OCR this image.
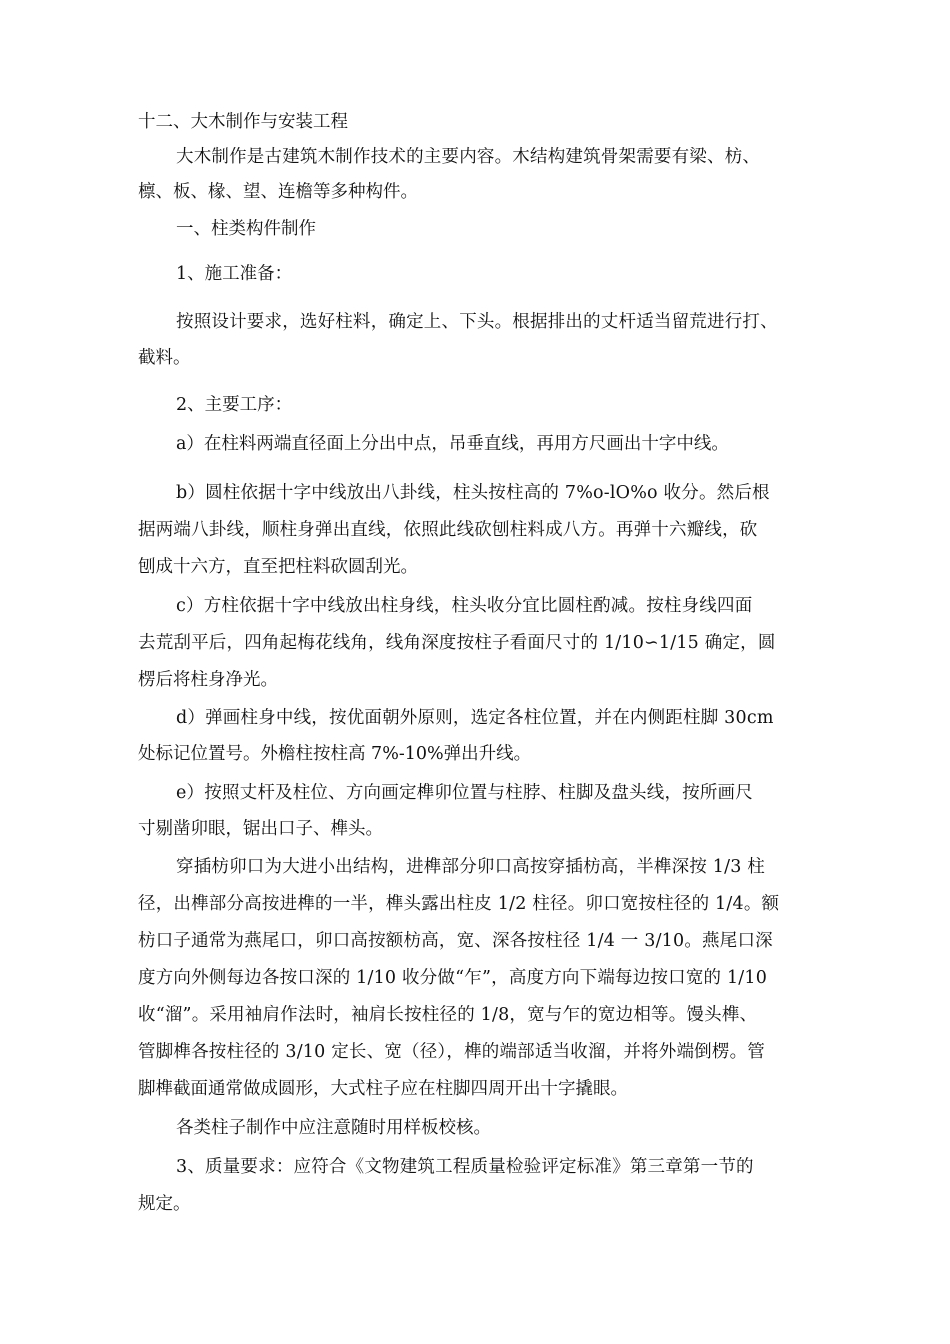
十二、大木制作与安装工程

大木制作是古建筑木制作技术的主要内容。木结构建筑骨架需要有梁、枋、

檩、板、椽、望、连檐等多种构件。

一、柱类构件制作

1、施工准备：

按照设计要求，选好柱料，确定上、下头。根据排出的丈杆适当留荒进行打、

截料。

2、主要工序：

a）在柱料两端直径面上分出中点，吊垂直线，再用方尺画出十字中线。

b）圆柱依据十字中线放出八卦线，柱头按柱高的 7%o-lO%o 收分。然后根

据两端八卦线，顺柱身弹出直线，依照此线砍刨柱料成八方。再弹十六瓣线，砍

刨成十六方，直至把柱料砍圆刮光。

c）方柱依据十字中线放出柱身线，柱头收分宜比圆柱酌减。按柱身线四面

去荒刮平后，四角起梅花线角，线角深度按柱子看面尺寸的 1/10∽1/15 确定，圆

楞后将柱身净光。

d）弹画柱身中线，按优面朝外原则，选定各柱位置，并在内侧距柱脚 30cm

处标记位置号。外檐柱按柱高 7%-10%弹出升线。

e）按照丈杆及柱位、方向画定榫卯位置与柱脖、柱脚及盘头线，按所画尺

寸剔凿卯眼，锯出口子、榫头。

穿插枋卯口为大进小出结构，进榫部分卯口高按穿插枋高，半榫深按 1/3 柱

径，出榫部分高按进榫的一半，榫头露出柱皮 1/2 柱径。卯口宽按柱径的 1/4。额

枋口子通常为燕尾口，卯口高按额枋高，宽、深各按柱径 1/4 一 3/10。燕尾口深

度方向外侧每边各按口深的 1/10 收分做“乍”，高度方向下端每边按口宽的 1/10

收“溜”。采用袖肩作法时，袖肩长按柱径的 1/8，宽与乍的宽边相等。馒头榫、

管脚榫各按柱径的 3/10 定长、宽（径），榫的端部适当收溜，并将外端倒楞。管

脚榫截面通常做成圆形，大式柱子应在柱脚四周开出十字撬眼。

各类柱子制作中应注意随时用样板校核。

3、质量要求：应符合《文物建筑工程质量检验评定标准》第三章第一节的

规定。
